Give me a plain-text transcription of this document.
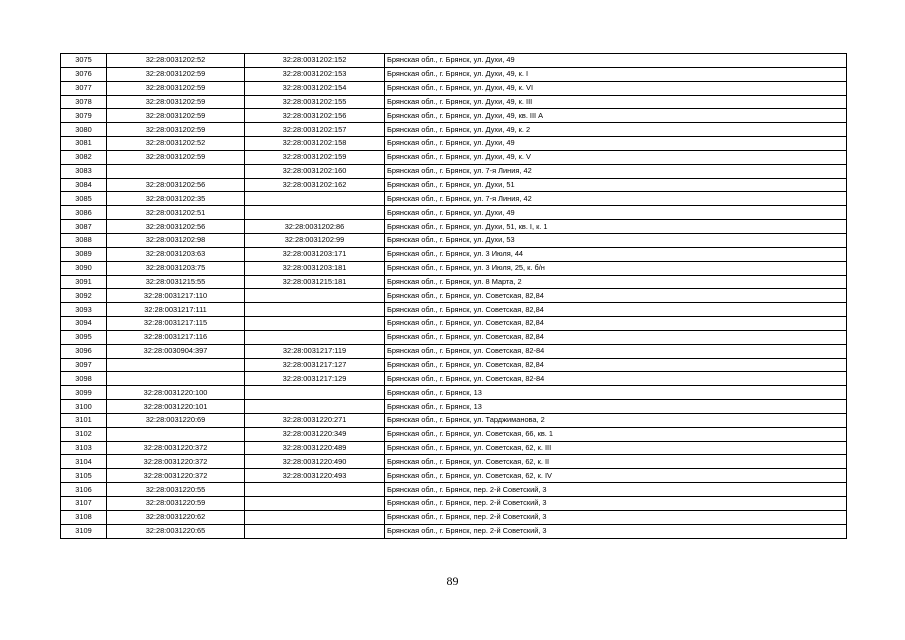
3075	32:28:0031202:52	32:28:0031202:152	Брянская обл., г. Брянск, ул. Духи, 49
3076	32:28:0031202:59	32:28:0031202:153	Брянская обл., г. Брянск, ул. Духи, 49, к. I
3077	32:28:0031202:59	32:28:0031202:154	Брянская обл., г. Брянск, ул. Духи, 49, к. VI
3078	32:28:0031202:59	32:28:0031202:155	Брянская обл., г. Брянск, ул. Духи, 49, к. III
3079	32:28:0031202:59	32:28:0031202:156	Брянская обл., г. Брянск, ул. Духи, 49, кв. III А
3080	32:28:0031202:59	32:28:0031202:157	Брянская обл., г. Брянск, ул. Духи, 49, к. 2
3081	32:28:0031202:52	32:28:0031202:158	Брянская обл., г. Брянск, ул. Духи, 49
3082	32:28:0031202:59	32:28:0031202:159	Брянская обл., г. Брянск, ул. Духи, 49, к. V
3083		32:28:0031202:160	Брянская обл., г. Брянск, ул. 7-я Линия, 42
3084	32:28:0031202:56	32:28:0031202:162	Брянская обл., г. Брянск, ул. Духи, 51
3085	32:28:0031202:35		Брянская обл., г. Брянск, ул. 7-я Линия, 42
3086	32:28:0031202:51		Брянская обл., г. Брянск, ул. Духи, 49
3087	32:28:0031202:56	32:28:0031202:86	Брянская обл., г. Брянск, ул. Духи, 51, кв. I, к. 1
3088	32:28:0031202:98	32:28:0031202:99	Брянская обл., г. Брянск, ул. Духи, 53
3089	32:28:0031203:63	32:28:0031203:171	Брянская обл., г. Брянск, ул. 3 Июля, 44
3090	32:28:0031203:75	32:28:0031203:181	Брянская обл., г. Брянск, ул. 3 Июля, 25, к. б/н
3091	32:28:0031215:55	32:28:0031215:181	Брянская обл., г. Брянск, ул. 8 Марта, 2
3092	32:28:0031217:110		Брянская обл., г. Брянск, ул. Советская, 82,84
3093	32:28:0031217:111		Брянская обл., г. Брянск, ул. Советская, 82,84
3094	32:28:0031217:115		Брянская обл., г. Брянск, ул. Советская, 82,84
3095	32:28:0031217:116		Брянская обл., г. Брянск, ул. Советская, 82,84
3096	32:28:0030904:397	32:28:0031217:119	Брянская обл., г. Брянск, ул. Советская, 82-84
3097		32:28:0031217:127	Брянская обл., г. Брянск, ул. Советская, 82,84
3098		32:28:0031217:129	Брянская обл., г. Брянск, ул. Советская, 82-84
3099	32:28:0031220:100		Брянская обл., г. Брянск, 13
3100	32:28:0031220:101		Брянская обл., г. Брянск, 13
3101	32:28:0031220:69	32:28:0031220:271	Брянская обл., г. Брянск, ул. Тарджиманова, 2
3102		32:28:0031220:349	Брянская обл., г. Брянск, ул. Советская, 66, кв. 1
3103	32:28:0031220:372	32:28:0031220:489	Брянская обл., г. Брянск, ул. Советская, 62, к. III
3104	32:28:0031220:372	32:28:0031220:490	Брянская обл., г. Брянск, ул. Советская, 62, к. II
3105	32:28:0031220:372	32:28:0031220:493	Брянская обл., г. Брянск, ул. Советская, 62, к. IV
3106	32:28:0031220:55		Брянская обл., г. Брянск, пер. 2-й Советский, 3
3107	32:28:0031220:59		Брянская обл., г. Брянск, пер. 2-й Советский, 3
3108	32:28:0031220:62		Брянская обл., г. Брянск, пер. 2-й Советский, 3
3109	32:28:0031220:65		Брянская обл., г. Брянск, пер. 2-й Советский, 3
89
